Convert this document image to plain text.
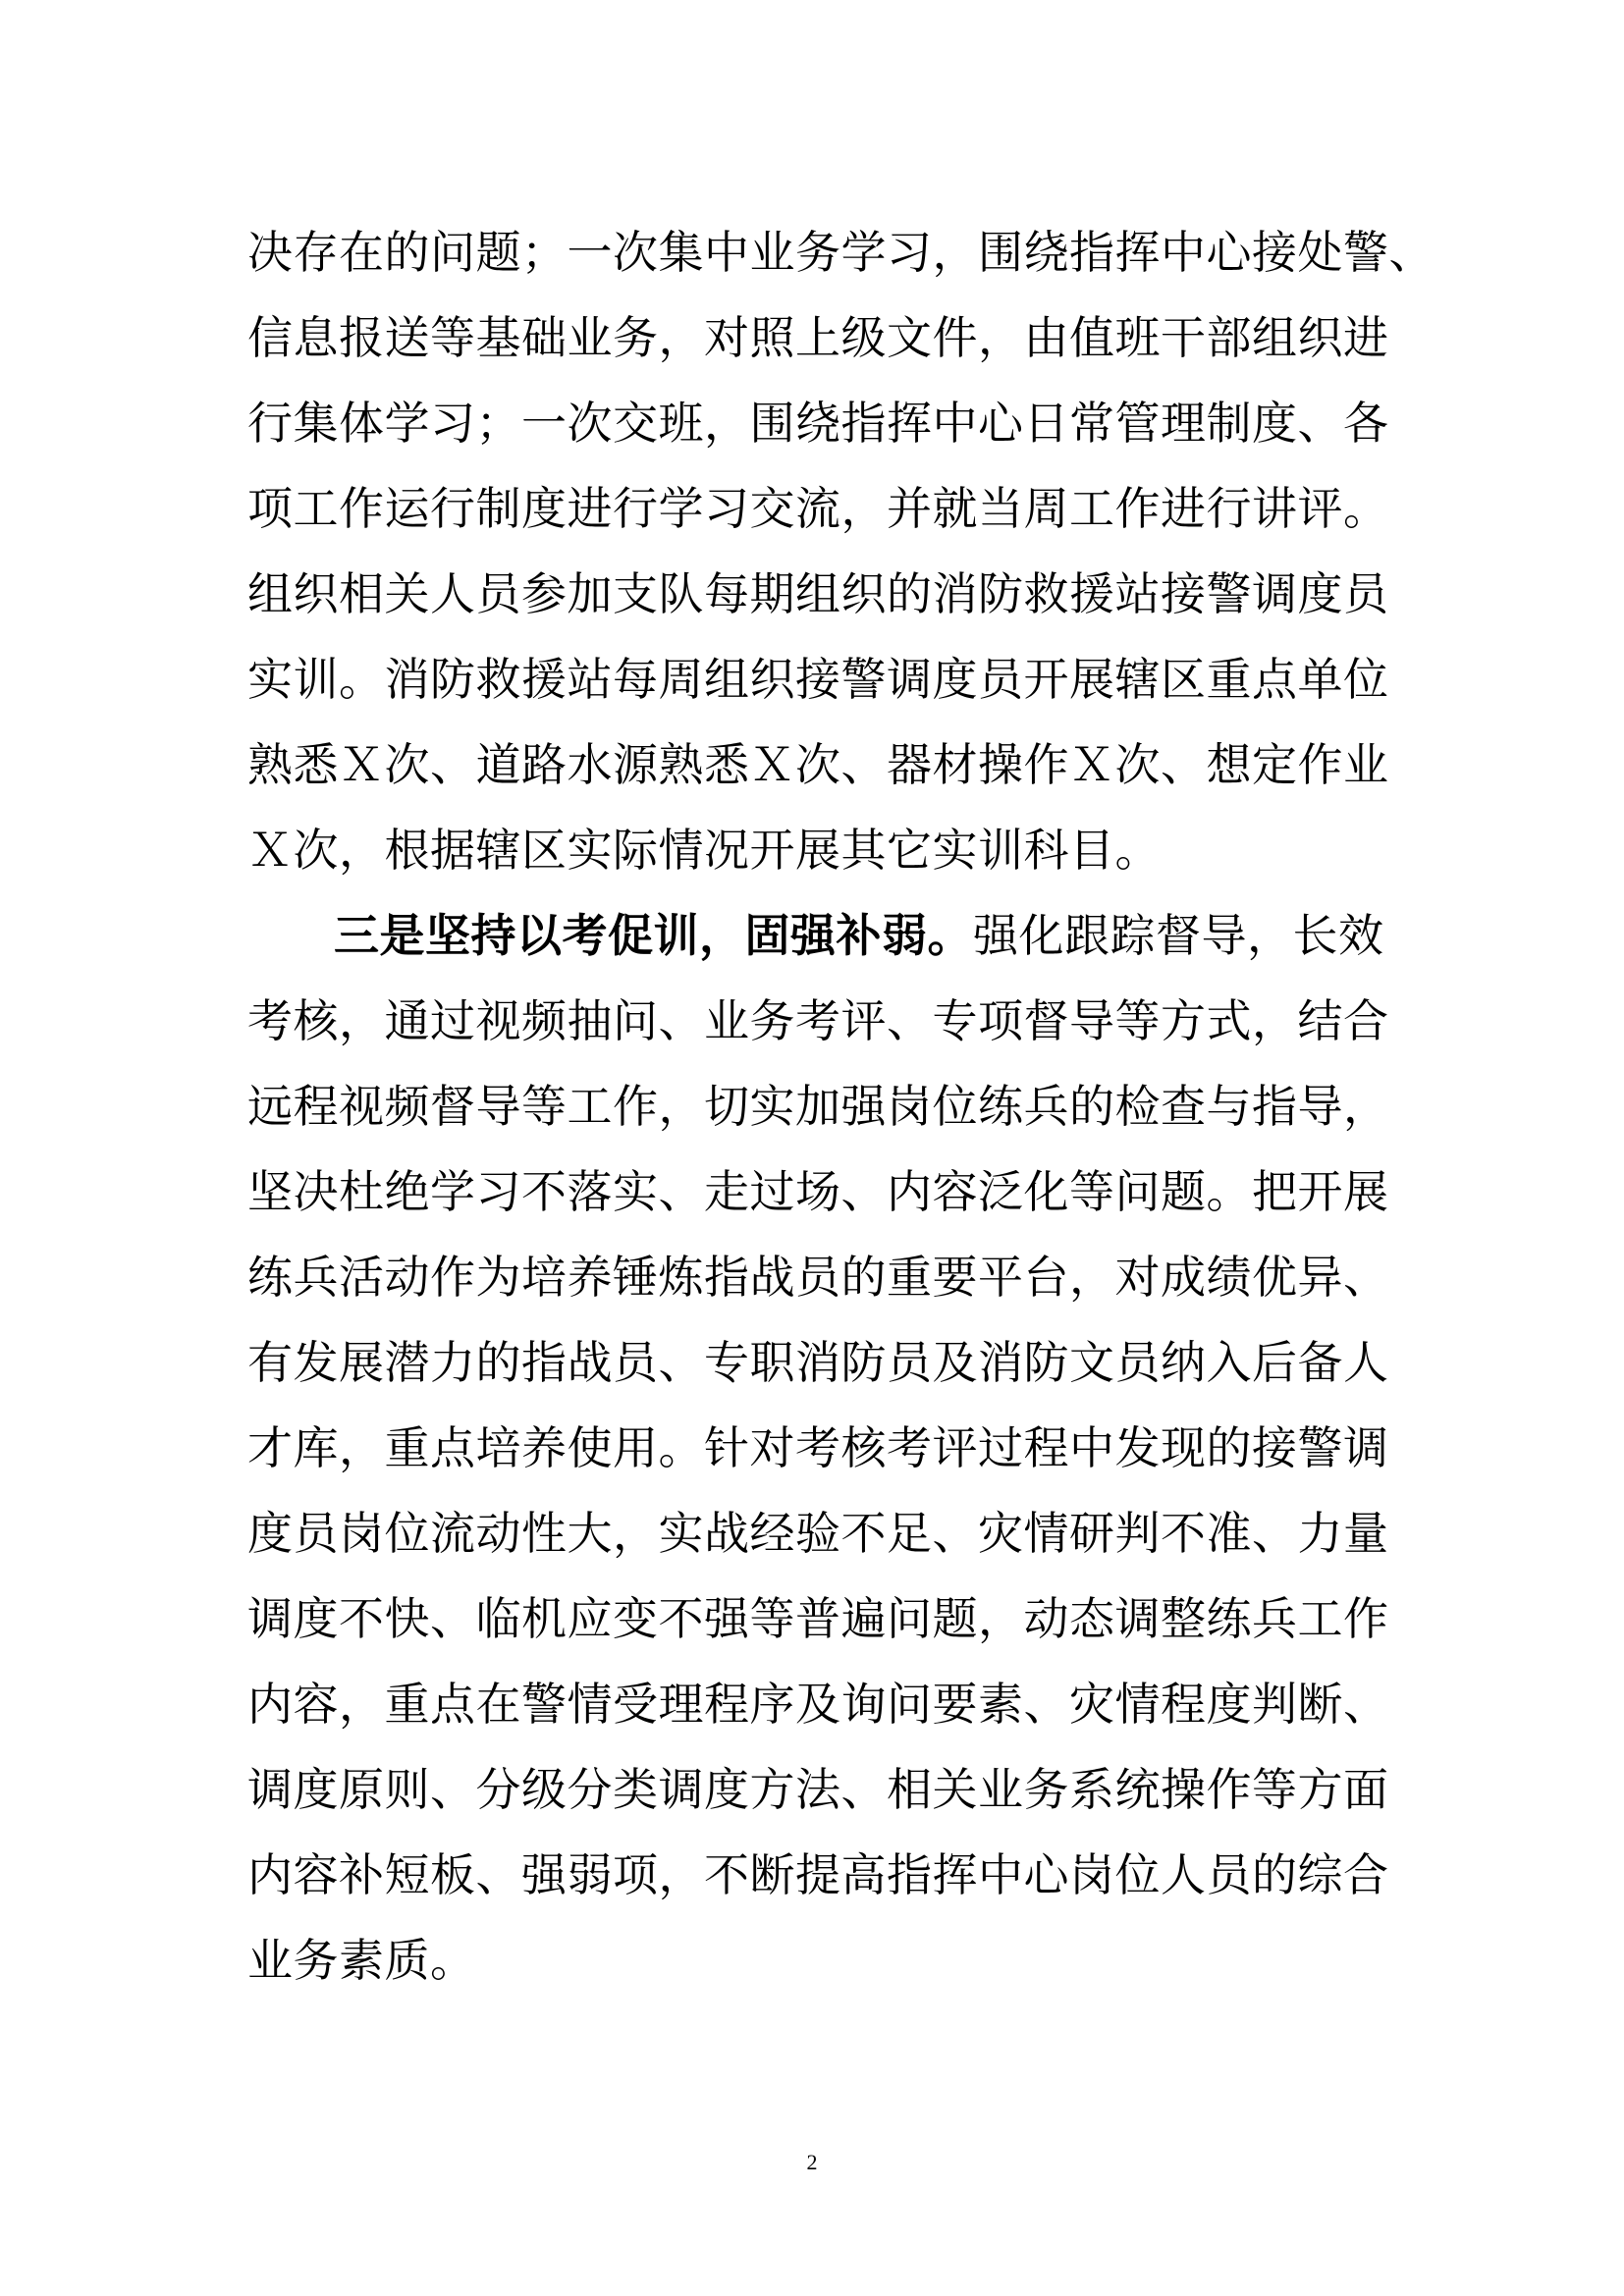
决存在的问题；一次集中业务学习，围绕指挥中心接处警、
信息报送等基础业务，对照上级文件，由值班干部组织进
行集体学习；一次交班，围绕指挥中心日常管理制度、各
项工作运行制度进行学习交流，并就当周工作进行讲评。
组织相关人员参加支队每期组织的消防救援站接警调度员
实训。消防救援站每周组织接警调度员开展辖区重点单位
熟悉Ｘ次、道路水源熟悉Ｘ次、器材操作Ｘ次、想定作业
Ｘ次，根据辖区实际情况开展其它实训科目。
三是坚持以考促训，固强补弱。强化跟踪督导，长效
考核，通过视频抽问、业务考评、专项督导等方式，结合
远程视频督导等工作，切实加强岗位练兵的检查与指导，
坚决杜绝学习不落实、走过场、内容泛化等问题。把开展
练兵活动作为培养锤炼指战员的重要平台，对成绩优异、
有发展潜力的指战员、专职消防员及消防文员纳入后备人
才库，重点培养使用。针对考核考评过程中发现的接警调
度员岗位流动性大，实战经验不足、灾情研判不准、力量
调度不快、临机应变不强等普遍问题，动态调整练兵工作
内容，重点在警情受理程序及询问要素、灾情程度判断、
调度原则、分级分类调度方法、相关业务系统操作等方面
内容补短板、强弱项，不断提高指挥中心岗位人员的综合
业务素质。
2
